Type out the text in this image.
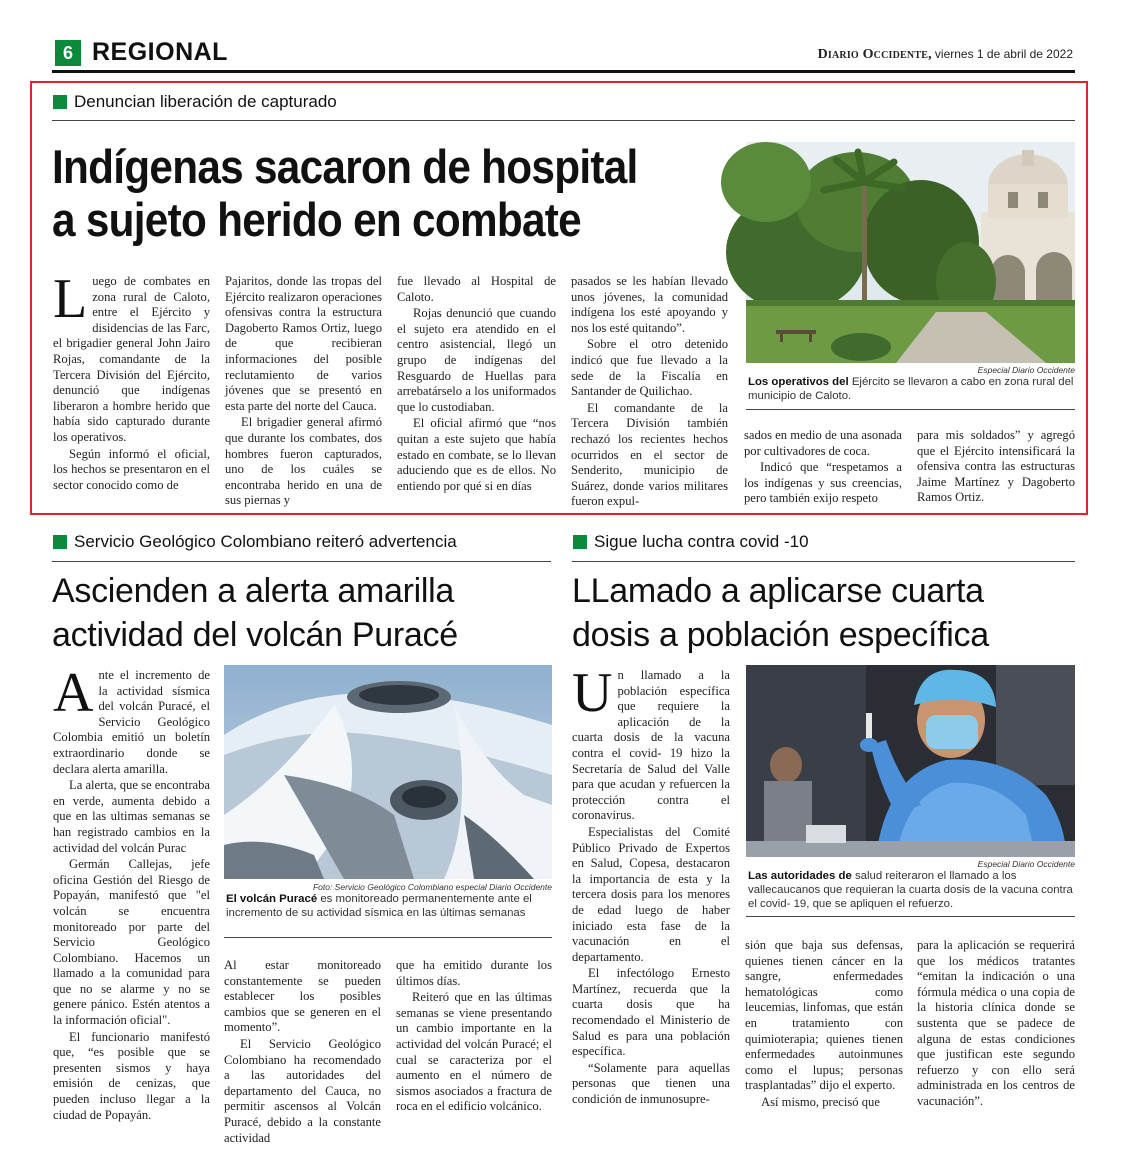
6 REGIONAL	Diario Occidente, viernes 1 de abril de 2022
Denuncian liberación de capturado
Indígenas sacaron de hospital
a sujeto herido en combate

Luego de combates en zona rural de Caloto, entre el Ejército y disidencias de las Farc, el brigadier general John Jairo Rojas, comandante de la Tercera División del Ejército, denunció que indígenas liberaron a hombre herido que había sido capturado durante los operativos.

Según informó el oficial, los hechos se presentaron en el sector conocido como de

Pajaritos, donde las tropas del Ejército realizaron operaciones ofensivas contra la estructura Dagoberto Ramos Ortiz, luego de que recibieran informaciones del posible reclutamiento de varios jóvenes que se presentó en esta parte del norte del Cauca.

El brigadier general afirmó que durante los combates, dos hombres fueron capturados, uno de los cuáles se encontraba herido en una de sus piernas y

fue llevado al Hospital de Caloto.

Rojas denunció que cuando el sujeto era atendido en el centro asistencial, llegó un grupo de indígenas del Resguardo de Huellas para arrebatárselo a los uniformados que lo custodiaban.

El oficial afirmó que “nos quitan a este sujeto que había estado en combate, se lo llevan aduciendo que es de ellos. No entiendo por qué si en días

pasados se les habían llevado unos jóvenes, la comunidad indígena los esté apoyando y nos los esté quitando”.

Sobre el otro detenido indicó que fue llevado a la sede de la Fiscalía en Santander de Quilichao.

El comandante de la Tercera División también rechazó los recientes hechos ocurridos en el sector de Senderito, municipio de Suárez, donde varios militares fueron expul-

sados en medio de una asonada por cultivadores de coca.

Indicó que “respetamos a los indígenas y sus creencias, pero también exijo respeto

para mis soldados” y agregó que el Ejército intensificará la ofensiva contra las estructuras Jaime Martínez y Dagoberto Ramos Ortiz.

Especial Diario Occidente
Los operativos del Ejército se llevaron a cabo en zona rural del municipio de Caloto.
Servicio Geológico Colombiano reiteró advertencia
Ascienden a alerta amarilla
actividad del volcán Puracé

Ante el incremento de la actividad sísmica del volcán Puracé, el Servicio Geológico Colombia emitió un boletín extraordinario donde se declara alerta amarilla.

La alerta, que se encontraba en verde, aumenta debido a que en las ultimas semanas se han registrado cambios en la actividad del volcán Purac

Germán Callejas, jefe oficina Gestión del Riesgo de Popayán, manifestó que "el volcán se encuentra monitoreado por parte del Servicio Geológico Colombiano. Hacemos un llamado a la comunidad para que no se alarme y no se genere pánico. Estén atentos a la información oficial".

El funcionario manifestó que, “es posible que se presenten sismos y haya emisión de cenizas, que pueden incluso llegar a la ciudad de Popayán.

Foto: Servicio Geológico Colombiano especial Diario Occidente
El volcán Puracé es monitoreado permanentemente ante el incremento de su actividad sísmica en las últimas semanas

Al estar monitoreado constantemente se pueden establecer los posibles cambios que se generen en el momento”.

El Servicio Geológico Colombiano ha recomendado a las autoridades del departamento del Cauca, no permitir ascensos al Volcán Puracé, debido a la constante actividad

que ha emitido durante los últimos días.

Reiteró que en las últimas semanas se viene presentando un cambio importante en la actividad del volcán Puracé; el cual se caracteriza por el aumento en el número de sismos asociados a fractura de roca en el edificio volcánico.

Sigue lucha contra covid -10
LLamado a aplicarse cuarta
dosis a población específica

Un llamado a la población específica que requiere la aplicación de la cuarta dosis de la vacuna contra el covid- 19 hizo la Secretaría de Salud del Valle para que acudan y refuercen la protección contra el coronavirus.

Especialistas del Comité Público Privado de Expertos en Salud, Copesa, destacaron la importancia de esta y la tercera dosis para los menores de edad luego de haber iniciado esta fase de la vacunación en el departamento.

El infectólogo Ernesto Martínez, recuerda que la cuarta dosis que ha recomendado el Ministerio de Salud es para una población específica.

“Solamente para aquellas personas que tienen una condición de inmunosupre-

Especial Diario Occidente
Las autoridades de salud reiteraron el llamado a los vallecaucanos que requieran la cuarta dosis de la vacuna contra el covid- 19, que se apliquen el refuerzo.

sión que baja sus defensas, quienes tienen cáncer en la sangre, enfermedades hematológicas como leucemias, linfomas, que están en tratamiento con quimioterapia; quienes tienen enfermedades autoinmunes como el lupus; personas trasplantadas” dijo el experto.

Así mismo, precisó que

para la aplicación se requerirá que los médicos tratantes “emitan la indicación o una fórmula médica o una copia de la historia clínica donde se sustenta que se padece de alguna de estas condiciones que justifican este segundo refuerzo y con ello será administrada en los centros de vacunación”.
